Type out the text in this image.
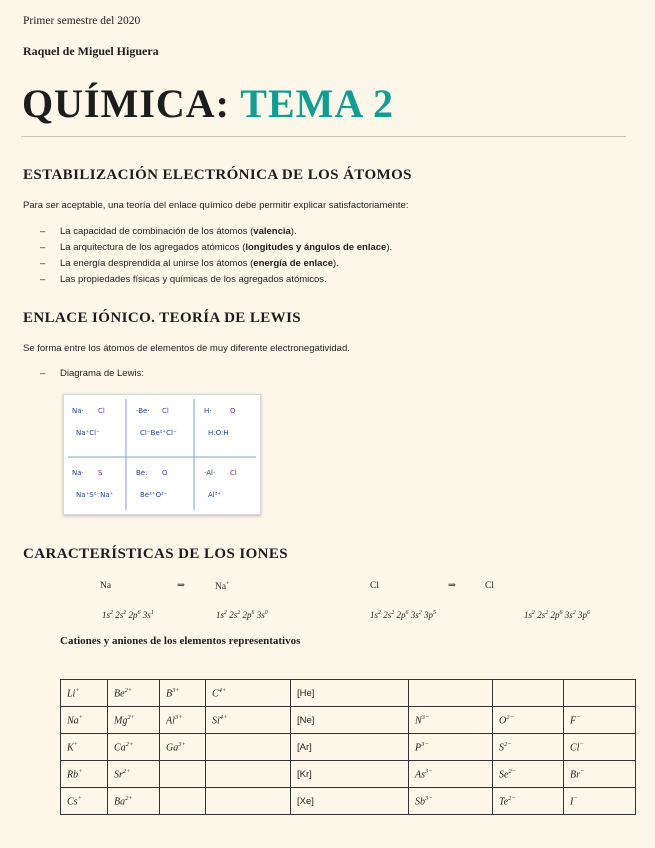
Primer semestre del 2020
Raquel de Miguel Higuera
QUÍMICA: TEMA 2
ESTABILIZACIÓN ELECTRÓNICA DE LOS ÁTOMOS
Para ser aceptable, una teoría del enlace químico debe permitir explicar satisfactoriamente:
– La capacidad de combinación de los átomos (valencia).
– La arquitectura de los agregados atómicos (longitudes y ángulos de enlace).
– La energía desprendida al unirse los átomos (energía de enlace).
– Las propiedades físicas y químicas de los agregados atómicos.
ENLACE IÓNICO. TEORÍA DE LEWIS
Se forma entre los átomos de elementos de muy diferente electronegatividad.
– Diagrama de Lewis:
Na· Cl
Na⁺Cl⁻
·Be· Cl
Cl⁻Be²⁺Cl⁻
H·	O
H:O:H
Na· S
Na⁺S²⁻Na⁺
Be: O
Be²⁺O²⁻
·Al· Cl
Al³⁺
CARACTERÍSTICAS DE LOS IONES
Na	⇒	Na+	Cl	⇒	Cl
$1s^2$ $2s^2$ $2p^6$ $3s^1$	$1s^2$ $2s^2$ $2p^6$ $3s^0$	$1s^2$ $2s^2$ $2p^6$ $3s^2$ $3p^5$	$1s^2$ $2s^2$ $2p^6$ $3s^2$ $3p^6$
Cationes y aniones de los elementos representativos
Li+	$Be^{2+}$	$B^{3+}$	$C^{4+}$	[He]			
Na+	$Mg^{2+}$	$Al^{3+}$	$Si^{4+}$	[Ne]	$N^{3-}$	$O^{2-}$	F−
K+	$Ca^{2+}$	$Ga^{3+}$		[Ar]	$P^{3-}$	$S^{2-}$	Cl−
Rb+	$Sr^{2+}$			[Kr]	$As^{3-}$	$Se^{2-}$	Br−
Cs+	$Ba^{2+}$			[Xe]	$Sb^{3-}$	$Te^{2-}$	I−
